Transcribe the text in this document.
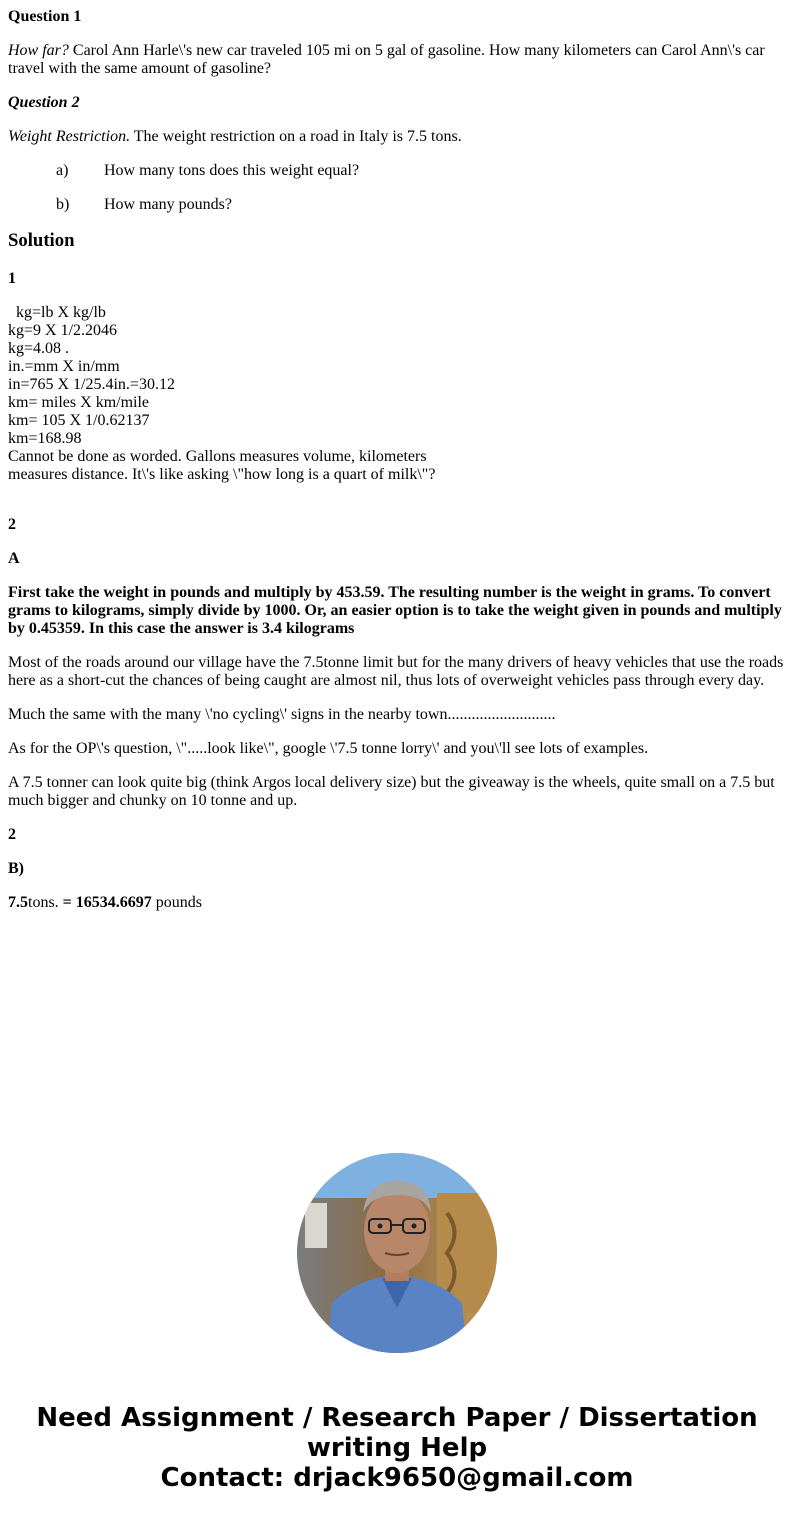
Question 1

How far? Carol Ann Harle\'s new car traveled 105 mi on 5 gal of gasoline. How many kilometers can Carol Ann\'s car travel with the same amount of gasoline?

Question 2

Weight Restriction. The weight restriction on a road in Italy is 7.5 tons.

a) How many tons does this weight equal?

b) How many pounds?

Solution

1

kg=lb X kg/lb
kg=9 X 1/2.2046
kg=4.08 .
in.=mm X in/mm
in=765 X 1/25.4in.=30.12
km= miles X km/mile
km= 105 X 1/0.62137
km=168.98
Cannot be done as worded. Gallons measures volume, kilometers
measures distance. It\'s like asking \"how long is a quart of milk\"?

2

A

First take the weight in pounds and multiply by 453.59. The resulting number is the weight in grams. To convert grams to kilograms, simply divide by 1000. Or, an easier option is to take the weight given in pounds and multiply by 0.45359. In this case the answer is 3.4 kilograms

Most of the roads around our village have the 7.5tonne limit but for the many drivers of heavy vehicles that use the roads here as a short-cut the chances of being caught are almost nil, thus lots of overweight vehicles pass through every day.

Much the same with the many \'no cycling\' signs in the nearby town...........................

As for the OP\'s question, \".....look like\", google \'7.5 tonne lorry\' and you\'ll see lots of examples.

A 7.5 tonner can look quite big (think Argos local delivery size) but the giveaway is the wheels, quite small on a 7.5 but much bigger and chunky on 10 tonne and up.

2

B)

7.5tons. = 16534.6697 pounds

Need Assignment / Research Paper / Dissertation
writing Help
Contact: drjack9650@gmail.com
